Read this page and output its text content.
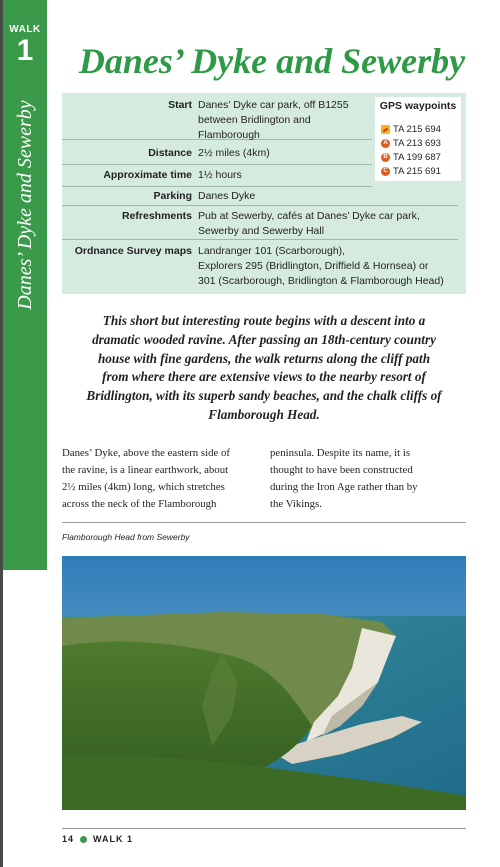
WALK
1
Danes’ Dyke and Sewerby
Danes’ Dyke and Sewerby
Start Danes’ Dyke car park, off B1255
between Bridlington and
Flamborough
Distance 2½ miles (4km)
Approximate time 1½ hours
Parking Danes Dyke
Refreshments Pub at Sewerby, cafés at Danes’ Dyke car park,
Sewerby and Sewerby Hall
Ordnance Survey maps Landranger 101 (Scarborough),
Explorers 295 (Bridlington, Driffield & Hornsea) or
301 (Scarborough, Bridlington & Flamborough Head)
GPS waypoints
TA 215 694
A TA 213 693
B TA 199 687
C TA 215 691
This short but interesting route begins with a descent into a
dramatic wooded ravine. After passing an 18th-century country
house with fine gardens, the walk returns along the cliff path
from where there are extensive views to the nearby resort of
Bridlington, with its superb sandy beaches, and the chalk cliffs of
Flamborough Head.
Danes’ Dyke, above the eastern side of
the ravine, is a linear earthwork, about
2½ miles (4km) long, which stretches
across the neck of the Flamborough
peninsula. Despite its name, it is
thought to have been constructed
during the Iron Age rather than by
the Vikings.
Flamborough Head from Sewerby
14 WALK 1
